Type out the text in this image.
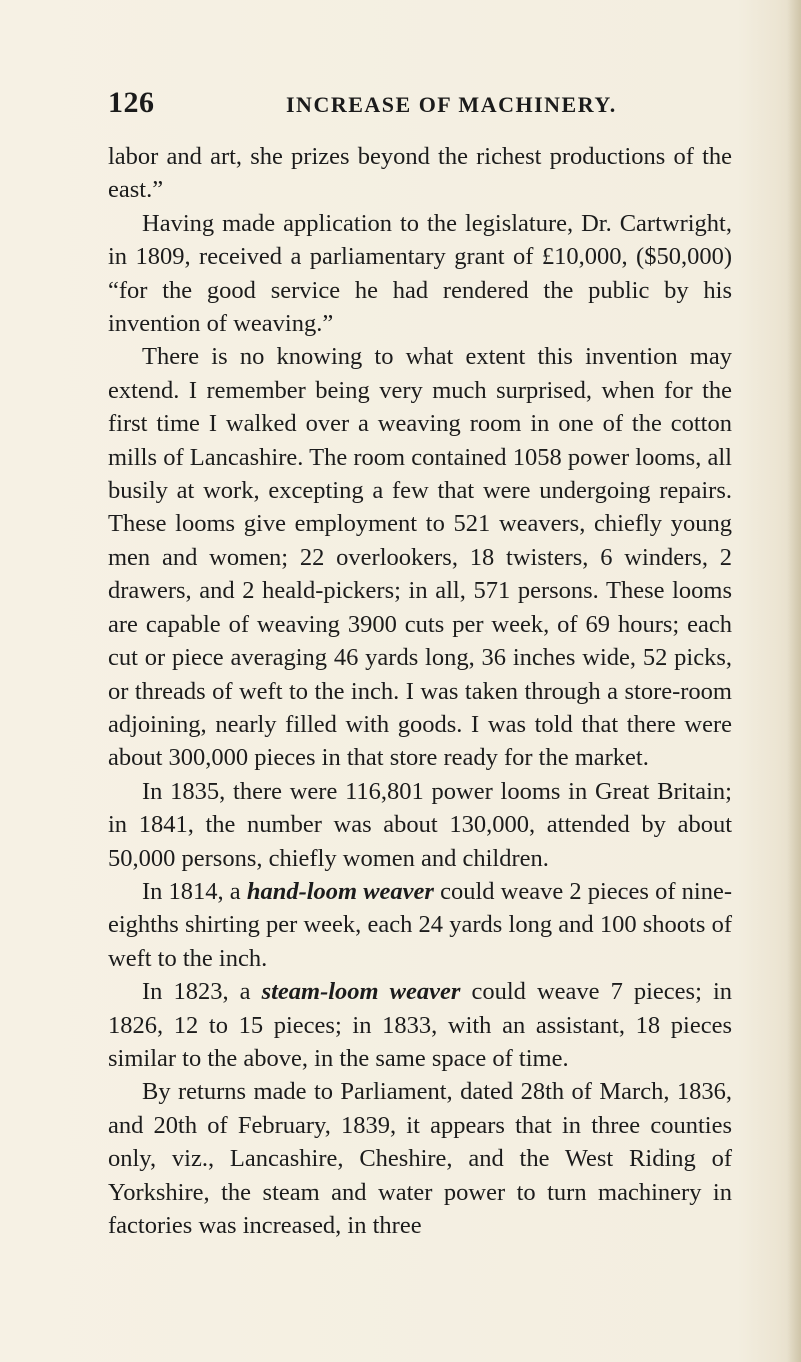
126	INCREASE OF MACHINERY.

labor and art, she prizes beyond the richest productions of the east.”

Having made application to the legislature, Dr. Cartwright, in 1809, received a parliamentary grant of £10,000, ($50,000) “for the good service he had rendered the public by his invention of weaving.”

There is no knowing to what extent this invention may extend. I remember being very much surprised, when for the first time I walked over a weaving room in one of the cotton mills of Lancashire. The room contained 1058 power looms, all busily at work, excepting a few that were undergoing repairs. These looms give employment to 521 weavers, chiefly young men and women; 22 overlookers, 18 twisters, 6 winders, 2 drawers, and 2 heald-pickers; in all, 571 persons. These looms are capable of weaving 3900 cuts per week, of 69 hours; each cut or piece averaging 46 yards long, 36 inches wide, 52 picks, or threads of weft to the inch. I was taken through a store-room adjoining, nearly filled with goods. I was told that there were about 300,000 pieces in that store ready for the market.

In 1835, there were 116,801 power looms in Great Britain; in 1841, the number was about 130,000, attended by about 50,000 persons, chiefly women and children.

In 1814, a hand-loom weaver could weave 2 pieces of nine-eighths shirting per week, each 24 yards long and 100 shoots of weft to the inch.

In 1823, a steam-loom weaver could weave 7 pieces; in 1826, 12 to 15 pieces; in 1833, with an assistant, 18 pieces similar to the above, in the same space of time.

By returns made to Parliament, dated 28th of March, 1836, and 20th of February, 1839, it appears that in three counties only, viz., Lancashire, Cheshire, and the West Riding of Yorkshire, the steam and water power to turn machinery in factories was increased, in three
